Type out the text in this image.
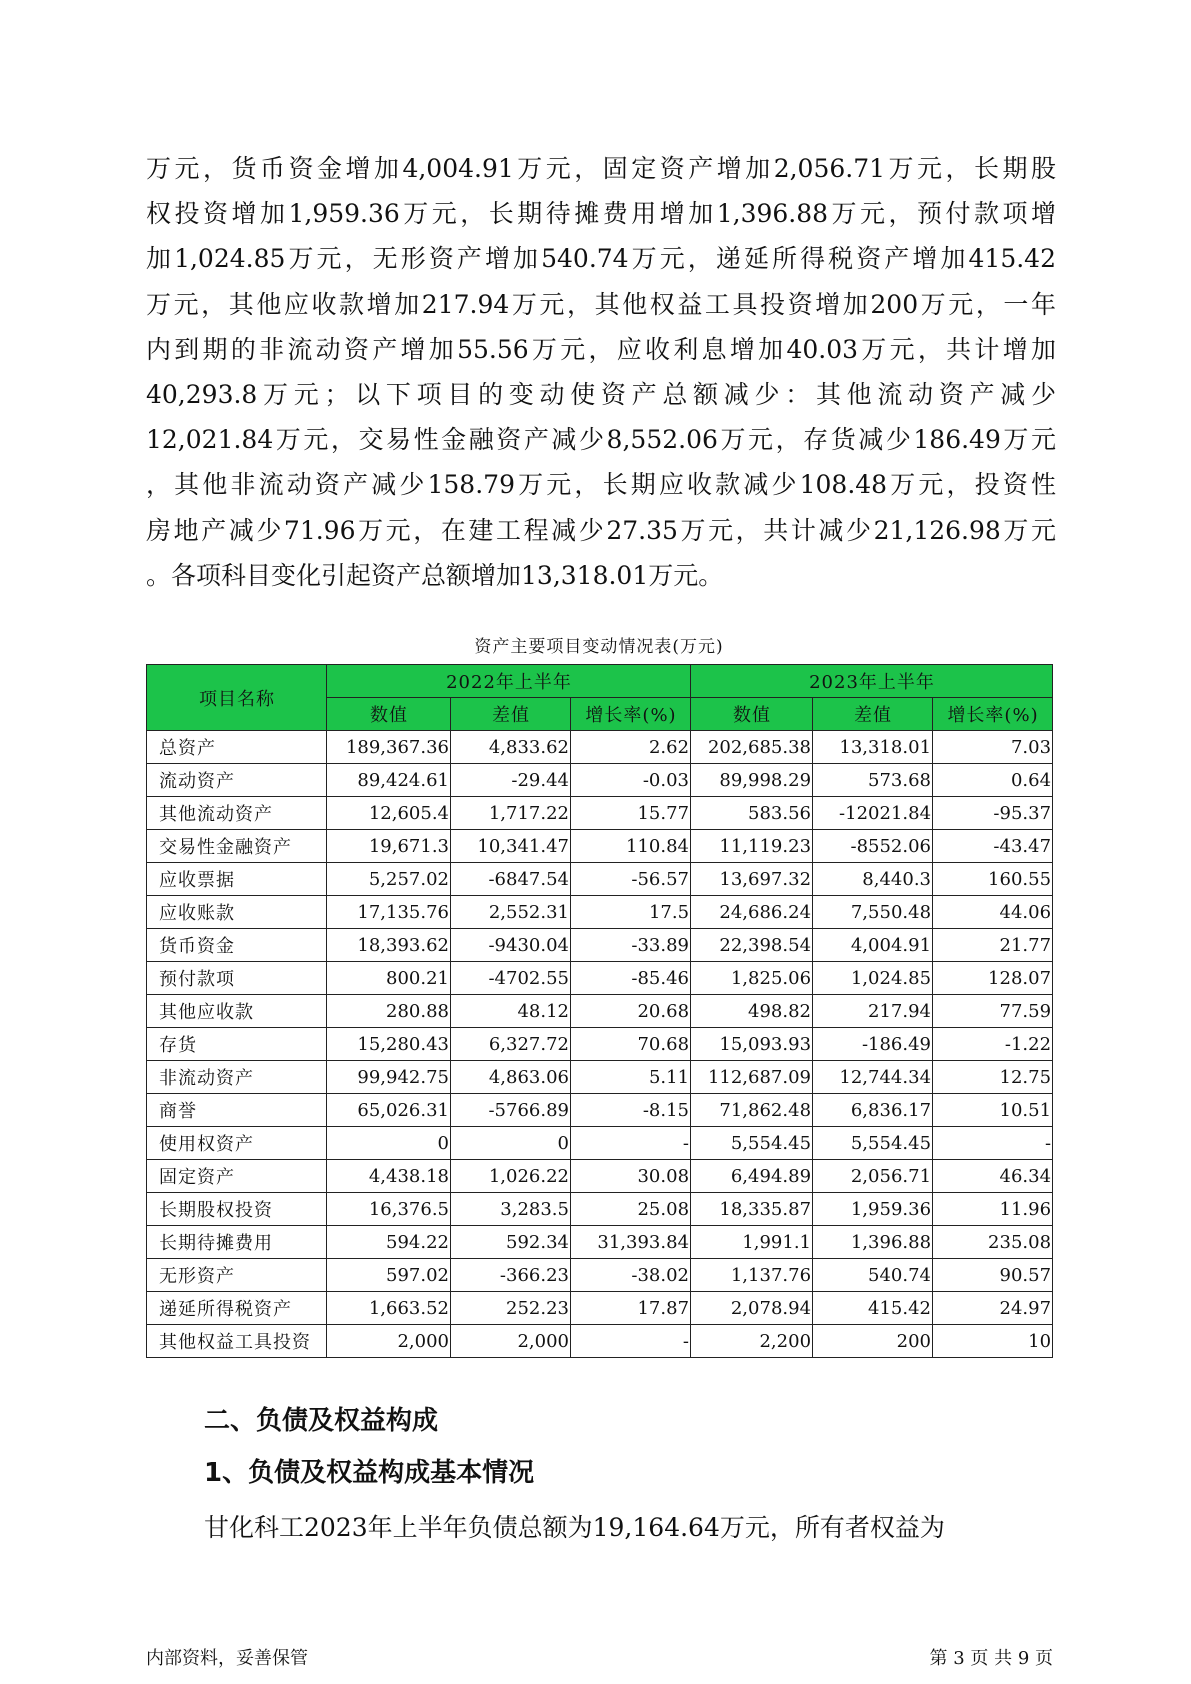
万元，货币资金增加4,004.91万元，固定资产增加2,056.71万元，长期股
权投资增加1,959.36万元，长期待摊费用增加1,396.88万元，预付款项增
加1,024.85万元，无形资产增加540.74万元，递延所得税资产增加415.42
万元，其他应收款增加217.94万元，其他权益工具投资增加200万元，一年
内到期的非流动资产增加55.56万元，应收利息增加40.03万元，共计增加
40,293.8万元；以下项目的变动使资产总额减少：其他流动资产减少
12,021.84万元，交易性金融资产减少8,552.06万元，存货减少186.49万元
，其他非流动资产减少158.79万元，长期应收款减少108.48万元，投资性
房地产减少71.96万元，在建工程减少27.35万元，共计减少21,126.98万元
。各项科目变化引起资产总额增加13,318.01万元。
资产主要项目变动情况表(万元)
项目名称	2022年上半年			2023年上半年		
	数值	差值	增长率(%)	数值	差值	增长率(%)
总资产	189,367.36	4,833.62	2.62	202,685.38	13,318.01	7.03
流动资产	89,424.61	-29.44	-0.03	89,998.29	573.68	0.64
其他流动资产	12,605.4	1,717.22	15.77	583.56	-12021.84	-95.37
交易性金融资产	19,671.3	10,341.47	110.84	11,119.23	-8552.06	-43.47
应收票据	5,257.02	-6847.54	-56.57	13,697.32	8,440.3	160.55
应收账款	17,135.76	2,552.31	17.5	24,686.24	7,550.48	44.06
货币资金	18,393.62	-9430.04	-33.89	22,398.54	4,004.91	21.77
预付款项	800.21	-4702.55	-85.46	1,825.06	1,024.85	128.07
其他应收款	280.88	48.12	20.68	498.82	217.94	77.59
存货	15,280.43	6,327.72	70.68	15,093.93	-186.49	-1.22
非流动资产	99,942.75	4,863.06	5.11	112,687.09	12,744.34	12.75
商誉	65,026.31	-5766.89	-8.15	71,862.48	6,836.17	10.51
使用权资产	0	0	-	5,554.45	5,554.45	-
固定资产	4,438.18	1,026.22	30.08	6,494.89	2,056.71	46.34
长期股权投资	16,376.5	3,283.5	25.08	18,335.87	1,959.36	11.96
长期待摊费用	594.22	592.34	31,393.84	1,991.1	1,396.88	235.08
无形资产	597.02	-366.23	-38.02	1,137.76	540.74	90.57
递延所得税资产	1,663.52	252.23	17.87	2,078.94	415.42	24.97
其他权益工具投资	2,000	2,000	-	2,200	200	10
二、负债及权益构成
1、负债及权益构成基本情况
甘化科工2023年上半年负债总额为19,164.64万元，所有者权益为
内部资料，妥善保管	第 3 页 共 9 页
